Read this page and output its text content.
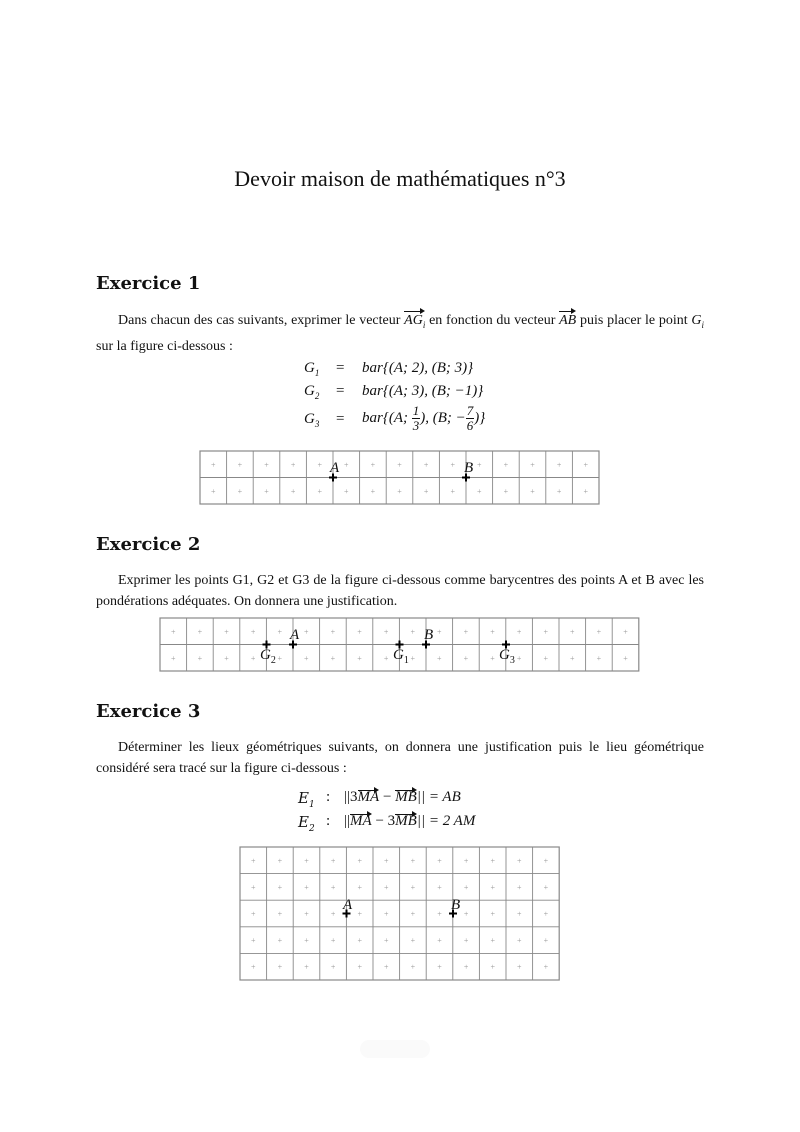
Devoir maison de mathématiques n°3
Exercice 1
Dans chacun des cas suivants, exprimer le vecteur $AG_i$ en fonction du vecteur AB puis placer le point $G_i$ sur la figure ci-dessous :
$G_1 = bar\{(A$; 2), (B; 3)}
$G_2 = bar\{(A$; 3), (B; −1)}
$G_3 = bar\{(A$; $\frac{1}{3}$ ), (B; − $\frac{7}{6}$ )}
+
+
+
+
+
+
+
+
+
+
+
+
+
+
+
+
+
+
+
+
+
+
+
+
+
+
+
+
+
+
A	B
+
+
+
+
+
+
+
+
+
+
+
+
+
+
+
+
+
+
+
+
+
+
+
+
+
+
+
+
+
+
+
+
+
+
+
+
A	B
$G_1$
$G_2$	$G_3$
+
+
+
+
+
+
+
+
+
+
+
+
+
+
+
+
+
+
+
+
+
+
+
+
+
+
+
+
+
+
+
+
+
+
+
+
+
+
+
+
+
+
+
+
+
+
+
+
+
+
+
+
+
+
+
+
+
+
+
+
A	B
Exercice 2
Exprimer les points G1, G2 et G3 de la figure ci-dessous comme barycentres des points A et B avec les pondérations adéquates. On donnera une justification.
Exercice 3
Déterminer les lieux géométriques suivants, on donnera une justification puis le lieu géométrique considéré sera tracé sur la figure ci-dessous :
$E_1$ : ||3MA − MB|| = AB
$E_2$ : ||MA − 3MB|| = 2 AM
